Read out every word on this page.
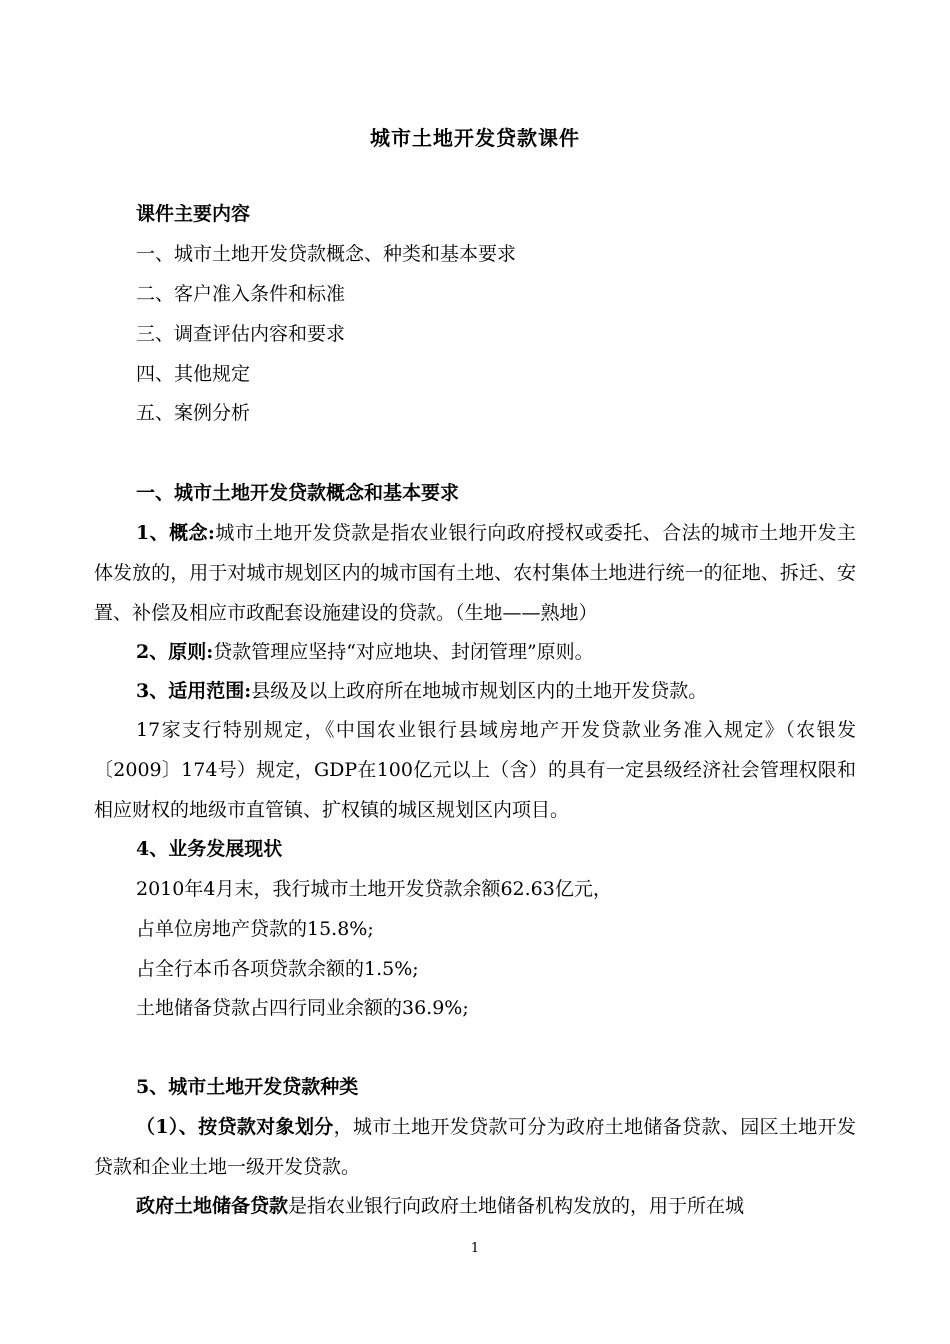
城市土地开发贷款课件
课件主要内容
一、城市土地开发贷款概念、种类和基本要求
二、客户准入条件和标准
三、调查评估内容和要求
四、其他规定
五、案例分析
一、城市土地开发贷款概念和基本要求
1、概念:城市土地开发贷款是指农业银行向政府授权或委托、合法的城市土地开发主体发放的，用于对城市规划区内的城市国有土地、农村集体土地进行统一的征地、拆迁、安置、补偿及相应市政配套设施建设的贷款。（生地——熟地）
2、原则:贷款管理应坚持“对应地块、封闭管理”原则。
3、适用范围:县级及以上政府所在地城市规划区内的土地开发贷款。
17家支行特别规定，《中国农业银行县域房地产开发贷款业务准入规定》（农银发〔2009〕174号）规定，GDP在100亿元以上（含）的具有一定县级经济社会管理权限和相应财权的地级市直管镇、扩权镇的城区规划区内项目。
4、业务发展现状
2010年4月末，我行城市土地开发贷款余额62.63亿元，
占单位房地产贷款的15.8%;
占全行本币各项贷款余额的1.5%;
土地储备贷款占四行同业余额的36.9%;
5、城市土地开发贷款种类
（1）、按贷款对象划分，城市土地开发贷款可分为政府土地储备贷款、园区土地开发贷款和企业土地一级开发贷款。
政府土地储备贷款是指农业银行向政府土地储备机构发放的，用于所在城
1
